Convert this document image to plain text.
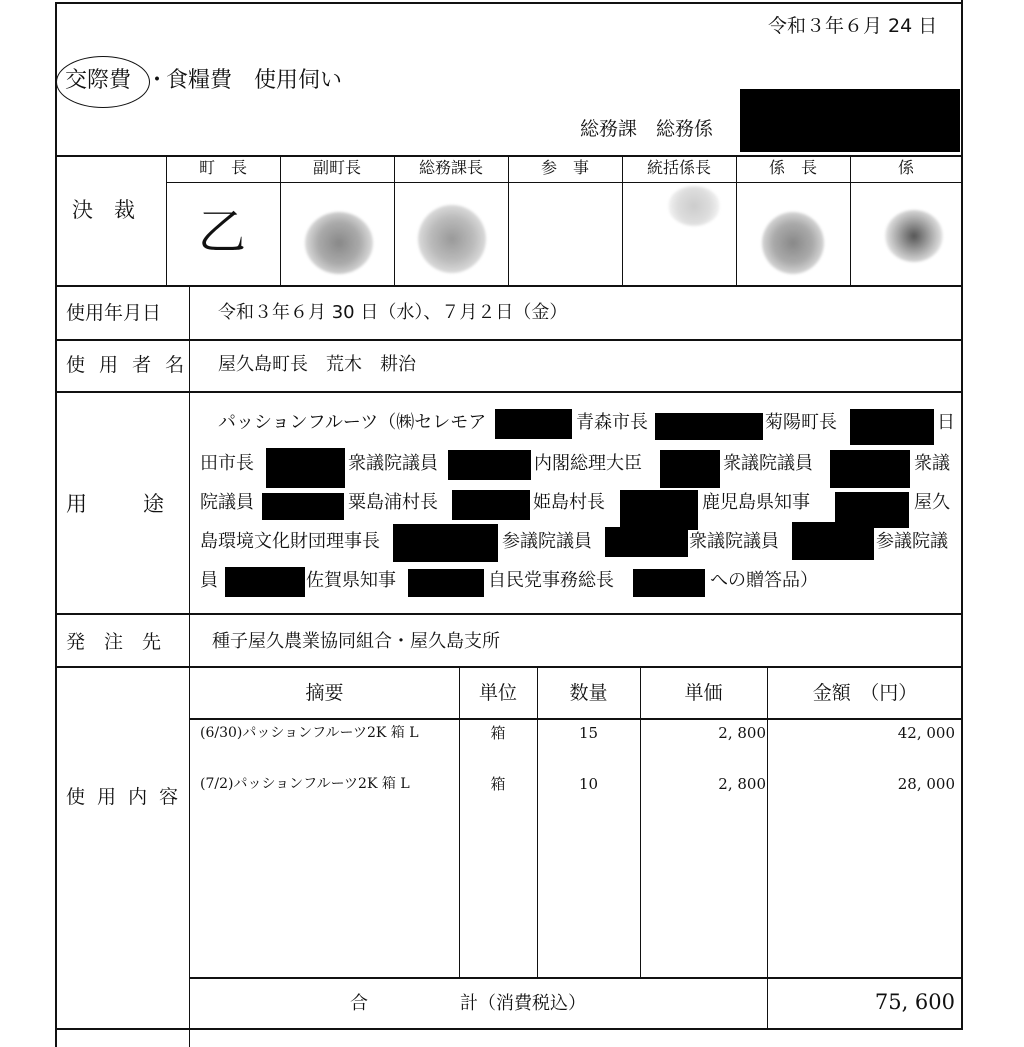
令和３年６月 24 日
交際費 ・
食糧費　使用伺い
総務課　総務係
決　裁
町　長	副町長	総務課長	参　事	統括係長	係　長	係
乙
使用年月日	令和３年６月 30 日（水）、７月２日（金）
使 用 者 名 屋久島町長　荒木　耕治
用	途
パッションフルーツ（㈱セレモア	青森市長	菊陽町長	日
田市長	衆議院議員	内閣総理大臣	衆議院議員	衆議
院議員	粟島浦村長	姫島村長	鹿児島県知事	屋久
島環境文化財団理事長	参議院議員	衆議院議員	参議院議
員	佐賀県知事	自民党事務総長	への贈答品）
発　注　先	種子屋久農業協同組合・屋久島支所
使 用 内 容
摘要	単位	数量	単価	金額　（円）
(6/30)パッションフルーツ2K 箱 L	箱	15	2, 800	42, 000
(7/2)パッションフルーツ2K 箱 L	箱	10	2, 800	28, 000
合	計（消費税込）	75, 600
